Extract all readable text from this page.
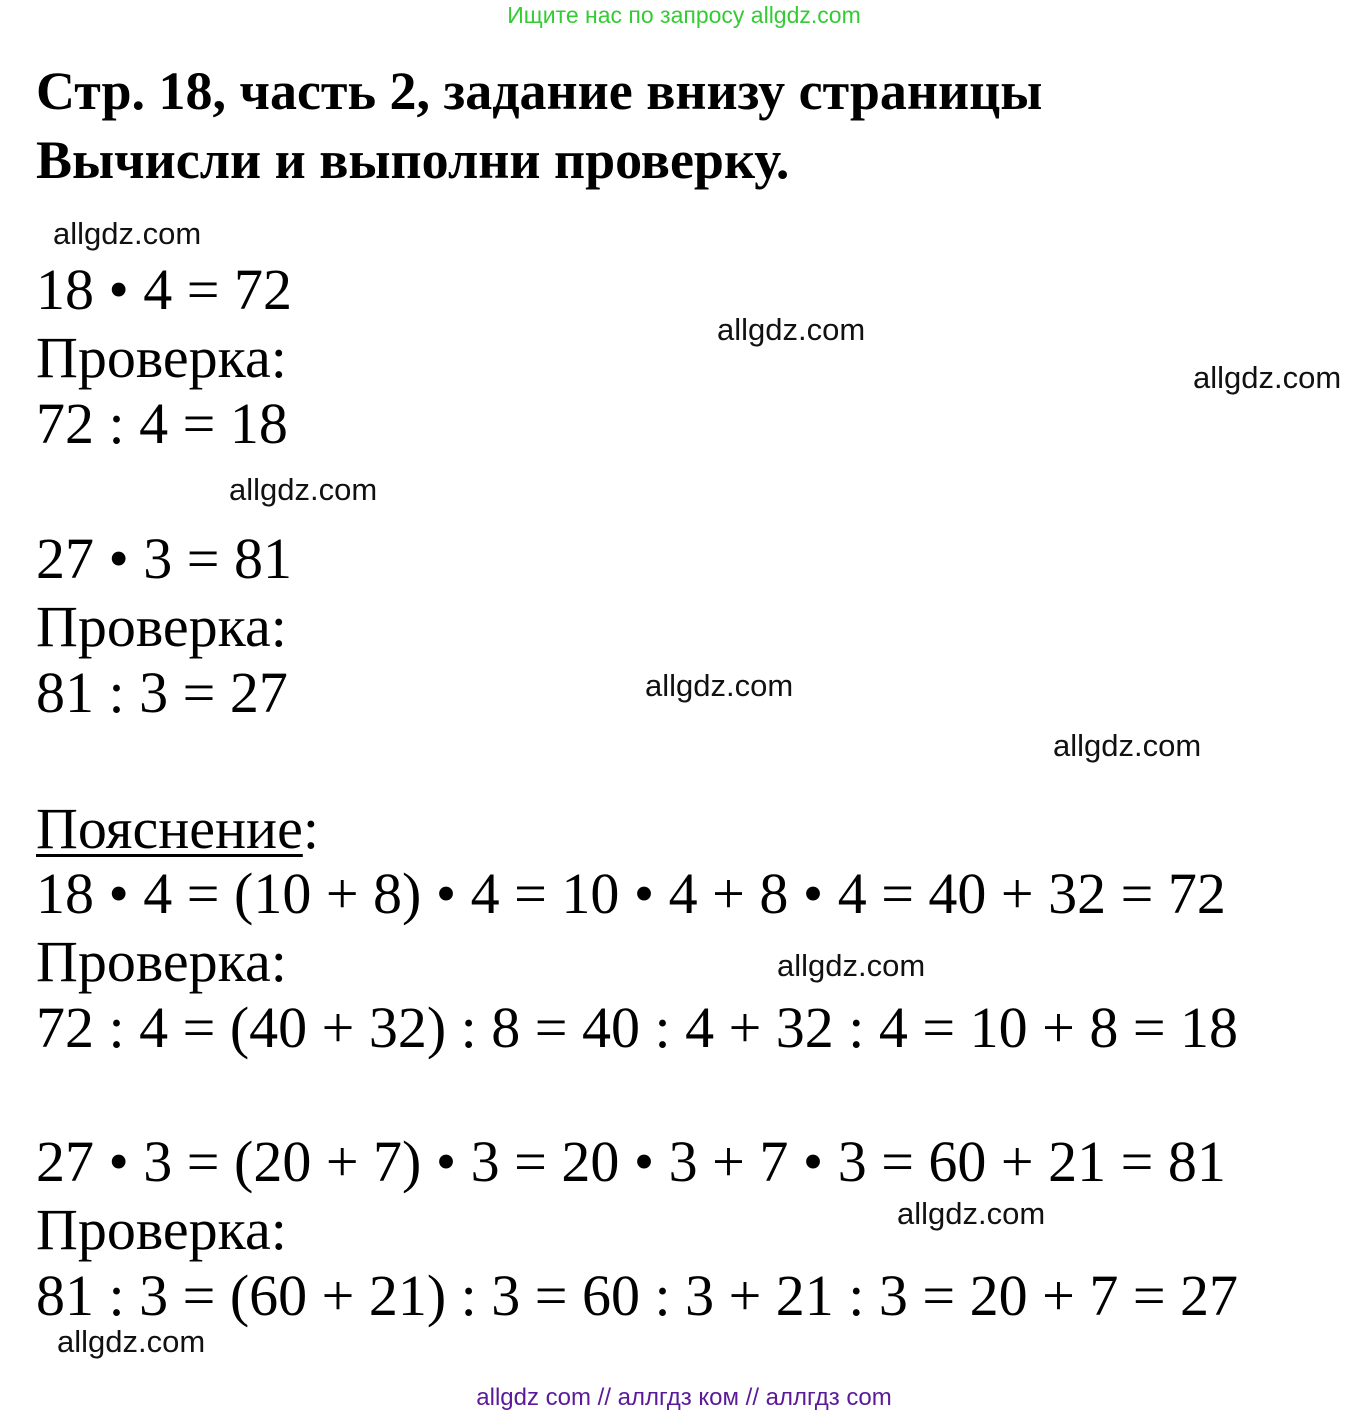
Ищите нас по запросу allgdz.com
Стр. 18, часть 2, задание внизу страницы
Вычисли и выполни проверку.
18 • 4 = 72
Проверка:
72 : 4 = 18
27 • 3 = 81
Проверка:
81 : 3 = 27
Пояснение:
18 • 4 = (10 + 8) • 4 = 10 • 4 + 8 • 4 = 40 + 32 = 72
Проверка:
72 : 4 = (40 + 32) : 8 = 40 : 4 + 32 : 4 = 10 + 8 = 18
27 • 3 = (20 + 7) • 3 = 20 • 3 + 7 • 3 = 60 + 21 = 81
Проверка:
81 : 3 = (60 + 21) : 3 = 60 : 3 + 21 : 3 = 20 + 7 = 27
allgdz.com
allgdz.com
allgdz.com
allgdz.com
allgdz.com
allgdz.com
allgdz.com
allgdz.com
allgdz.com
allgdz com // аллгдз ком // аллгдз com
